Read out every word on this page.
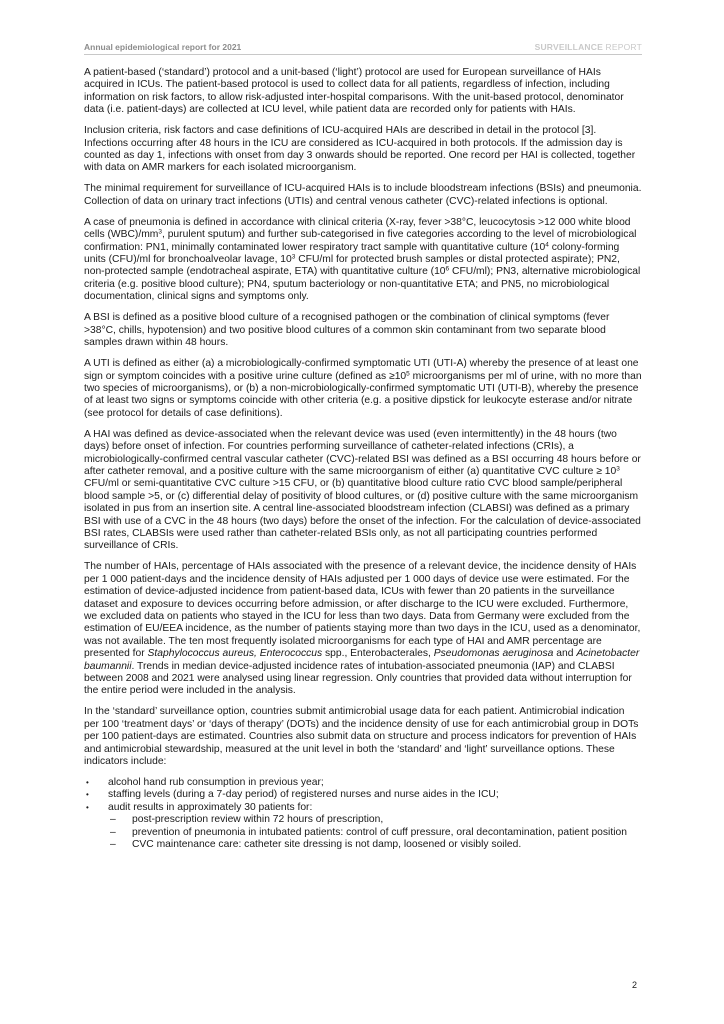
Annual epidemiological report for 2021	SURVEILLANCE REPORT

A patient-based (‘standard’) protocol and a unit-based (‘light’) protocol are used for European surveillance of HAIs acquired in ICUs. The patient-based protocol is used to collect data for all patients, regardless of infection, including information on risk factors, to allow risk-adjusted inter-hospital comparisons. With the unit-based protocol, denominator data (i.e. patient-days) are collected at ICU level, while patient data are recorded only for patients with HAIs.

Inclusion criteria, risk factors and case definitions of ICU-acquired HAIs are described in detail in the protocol [3]. Infections occurring after 48 hours in the ICU are considered as ICU-acquired in both protocols. If the admission day is counted as day 1, infections with onset from day 3 onwards should be reported. One record per HAI is collected, together with data on AMR markers for each isolated microorganism.

The minimal requirement for surveillance of ICU-acquired HAIs is to include bloodstream infections (BSIs) and pneumonia. Collection of data on urinary tract infections (UTIs) and central venous catheter (CVC)-related infections is optional.

A case of pneumonia is defined in accordance with clinical criteria (X-ray, fever >38°C, leucocytosis >12 000 white blood cells $(WBC)/mm^3$, purulent sputum) and further sub-categorised in five categories according to the level of microbiological confirmation: PN1, minimally contaminated lower respiratory tract sample with quantitative culture ($10^4$ colony-forming units (CFU)/ml for bronchoalveolar lavage, $10^3$ CFU/ml for protected brush samples or distal protected aspirate); PN2, non-protected sample (endotracheal aspirate, ETA) with quantitative culture ($10^6$ CFU/ml); PN3, alternative microbiological criteria (e.g. positive blood culture); PN4, sputum bacteriology or non-quantitative ETA; and PN5, no microbiological documentation, clinical signs and symptoms only.

A BSI is defined as a positive blood culture of a recognised pathogen or the combination of clinical symptoms (fever >38°C, chills, hypotension) and two positive blood cultures of a common skin contaminant from two separate blood samples drawn within 48 hours.

A UTI is defined as either (a) a microbiologically-confirmed symptomatic UTI (UTI-A) whereby the presence of at least one sign or symptom coincides with a positive urine culture (defined as $\ge 10^5$ microorganisms per ml of urine, with no more than two species of microorganisms), or (b) a non-microbiologically-confirmed symptomatic UTI (UTI-B), whereby the presence of at least two signs or symptoms coincide with other criteria (e.g. a positive dipstick for leukocyte esterase and/or nitrate (see protocol for details of case definitions).

A HAI was defined as device-associated when the relevant device was used (even intermittently) in the 48 hours (two days) before onset of infection. For countries performing surveillance of catheter-related infections (CRIs), a microbiologically-confirmed central vascular catheter (CVC)-related BSI was defined as a BSI occurring 48 hours before or after catheter removal, and a positive culture with the same microorganism of either (a) quantitative CVC culture ≥ $10^3$ CFU/ml or semi-quantitative CVC culture >15 CFU, or (b) quantitative blood culture ratio CVC blood sample/peripheral blood sample >5, or (c) differential delay of positivity of blood cultures, or (d) positive culture with the same microorganism isolated in pus from an insertion site. A central line-associated bloodstream infection (CLABSI) was defined as a primary BSI with use of a CVC in the 48 hours (two days) before the onset of the infection. For the calculation of device-associated BSI rates, CLABSIs were used rather than catheter-related BSIs only, as not all participating countries performed surveillance of CRIs.

The number of HAIs, percentage of HAIs associated with the presence of a relevant device, the incidence density of HAIs per 1 000 patient-days and the incidence density of HAIs adjusted per 1 000 days of device use were estimated. For the estimation of device-adjusted incidence from patient-based data, ICUs with fewer than 20 patients in the surveillance dataset and exposure to devices occurring before admission, or after discharge to the ICU were excluded. Furthermore, we excluded data on patients who stayed in the ICU for less than two days. Data from Germany were excluded from the estimation of EU/EEA incidence, as the number of patients staying more than two days in the ICU, used as a denominator, was not available. The ten most frequently isolated microorganisms for each type of HAI and AMR percentage are presented for Staphylococcus aureus, Enterococcus spp., Enterobacterales, Pseudomonas aeruginosa and Acinetobacter baumannii. Trends in median device-adjusted incidence rates of intubation-associated pneumonia (IAP) and CLABSI between 2008 and 2021 were analysed using linear regression. Only countries that provided data without interruption for the entire period were included in the analysis.

In the ‘standard’ surveillance option, countries submit antimicrobial usage data for each patient. Antimicrobial indication per 100 ‘treatment days’ or ‘days of therapy’ (DOTs) and the incidence density of use for each antimicrobial group in DOTs per 100 patient-days are estimated. Countries also submit data on structure and process indicators for prevention of HAIs and antimicrobial stewardship, measured at the unit level in both the ‘standard’ and ‘light’ surveillance options. These indicators include:

• alcohol hand rub consumption in previous year;
• staffing levels (during a 7-day period) of registered nurses and nurse aides in the ICU;
• audit results in approximately 30 patients for:
– post-prescription review within 72 hours of prescription,
– prevention of pneumonia in intubated patients: control of cuff pressure, oral decontamination, patient position
– CVC maintenance care: catheter site dressing is not damp, loosened or visibly soiled.
2
